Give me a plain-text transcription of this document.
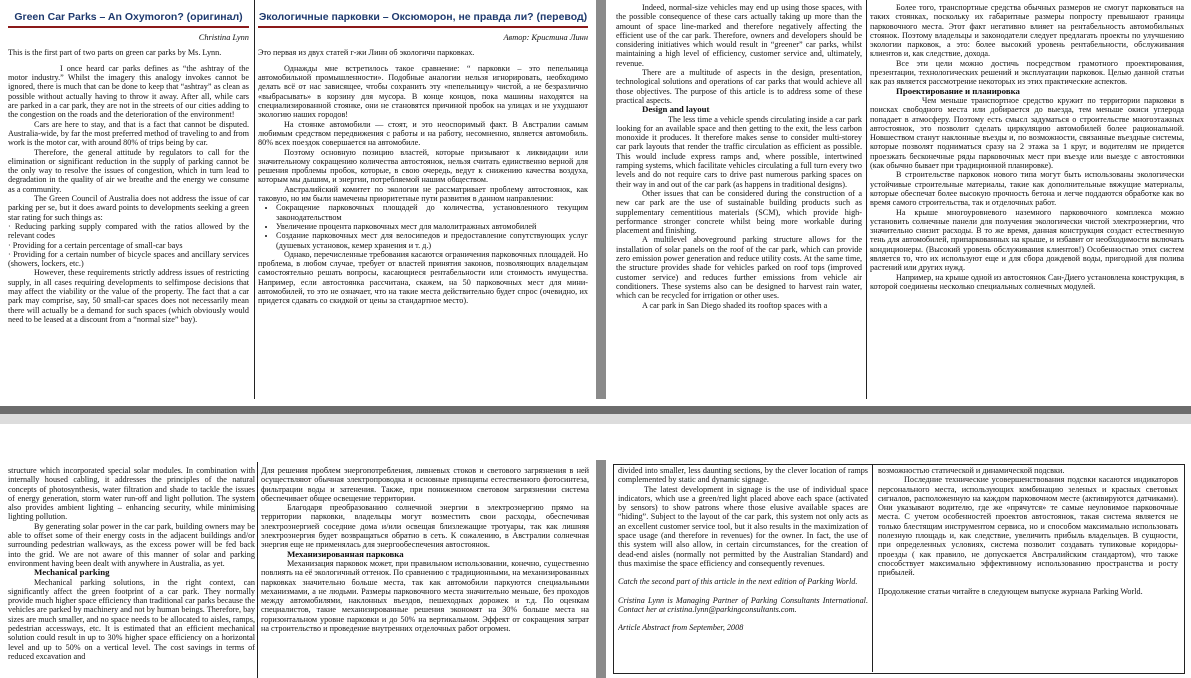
Green Car Parks – An Oxymoron? (оригинал)
Christina Lynn

This is the first part of two parts on green car parks by Ms. Lynn.

I once heard car parks defines as “the ashtray of the motor industry.” Whilst the imagery this analogy invokes cannot be ignored, there is much that can be done to keep that “ashtray” as clean as possible without actually having to throw it away. After all, while cars are parked in a car park, they are not in the streets of our cities adding to the congestion on the roads and the deterioration of the environment!

Cars are here to stay, and that is a fact that cannot be disputed. Australia-wide, by far the most preferred method of traveling to and from work is the motor car, with around 80% of trips being by car.

Therefore, the general attitude by regulators to call for the elimination or significant reduction in the supply of parking cannot be the only way to resolve the issues of congestion, which in turn lead to degradation in the quality of air we breathe and the energy we consume as a community.

The Green Council of Australia does not address the issue of car parking per se, but it does award points to developments seeking a green star rating for such things as:

· Reducing parking supply compared with the ratios allowed by the relevant codes

· Providing for a certain percentage of small-car bays

· Providing for a certain number of bicycle spaces and ancillary services (showers, lockers, etc.)

However, these requirements strictly address issues of restricting supply, in all cases requiring developments to selfimpose decisions that may affect the viability or the value of the property. The fact that a car park may comprise, say, 50 small-car spaces does not necessarily mean there will actually be a demand for such spaces (which obviously would need to be leased at a discount from a “normal size” bay).

Экологичные парковки – Оксюморон, не правда ли? (перевод)
Автор: Кристина Линн

Это первая из двух статей г-жи Линн об экологичн парковках.

Однажды мне встретилось такое сравнение: “ парковки – это пепельница автомобильной промышленности». Подобные аналогии нельзя игнорировать, необходимо делать всё от нас зависящее, чтобы сохранить эту «пепельницу» чистой, а не безразлично «выбрасывать» в корзину для мусора. В конце концов, пока машины находятся на специализированной стоянке, они не становятся причиной пробок на улицах и не ухудшают экологию наших городов!

На стоянке автомобили — стоят, и это неоспоримый факт. В Австралии самым любимым средством передвижения с работы и на работу, несомненно, является автомобиль. 80% всех поездок совершается на автомобиле.

Поэтому основную позицию властей, которые призывают к ликвидации или значительному сокращению количества автостоянок, нельзя считать единственно верной для решения проблемы пробок, которые, в свою очередь, ведут к снижению качества воздуха, которым мы дышим, и энергии, потребляемой нашим обществом.

Австралийский комитет по экологии не рассматривает проблему автостоянок, как таковую, но им были намечены приоритетные пути развития в данном направлении:

• Сокращение парковочных площадей до количества, установленного текущим законодательством
• Увеличение процента парковочных мест для малолитражных автомобилей
• Создание парковочных мест для велосипедов и предоставление сопутствующих услуг (душевых установок, кемер хранения и т. д.)

Однако, перечисленные требования касаются ограничения парковочных площадей. Но проблема, в любом случае, требует от властей принятия законов, позволяющих владельцам самостоятельно решать вопросы, касающиеся рентабельности или стоимость имущества. Например, если автостоянка рассчитана, скажем, на 50 парковочных мест для мини-автомобилей, то это не означает, что на такие места действительно будет спрос (очевидно, их придется сдавать со скидкой от цены за стандартное место).

Indeed, normal-size vehicles may end up using those spaces, with the possible consequence of these cars actually taking up more than the amount of space line-marked and therefore negatively affecting the efficient use of the car park. Therefore, owners and developers should be considering initiatives which would result in “greener” car parks, whilst maintaining a high level of efficiency, customer service and, ultimately, revenue.

There are a multitude of aspects in the design, presentation, technological solutions and operations of car parks that would achieve all those objectives. The purpose of this article is to address some of these practical aspects.

Design and layout

The less time a vehicle spends circulating inside a car park looking for an available space and then getting to the exit, the less carbon monoxide it produces. It therefore makes sense to consider multi-storey car park layouts that render the traffic circulation as efficient as possible. This would include express ramps and, where possible, intertwined ramping systems, which facilitate vehicles circulating a full turn every two levels and do not require cars to drive past numerous parking spaces on their way in and out of the car park (as happens in traditional designs).

Other issues that can be considered during the construction of a new car park are the use of sustainable building products such as supplementary cementitious materials (SCM), which provide high-performance stronger concrete whilst being more workable during placement and finishing.

A multilevel aboveground parking structure allows for the installation of solar panels on the roof of the car park, which can provide zero emission power generation and reduce utility costs. At the same time, the structure provides shade for vehicles parked on roof tops (improved customer service) and reduces further emissions from vehicle air conditioners. These systems also can be designed to harvest rain water, which can be recycled for irrigation or other uses.

A car park in San Diego shaded its rooftop spaces with a

Более того, транспортные средства обычных размеров не смогут парковаться на таких стоянках, поскольку их габаритные размеры попросту превышают границы парковочного места. Этот факт негативно влияет на рентабельность автомобильных стоянок. Поэтому владельцы и законодатели следует предлагать проекты по улучшению экологии парковок, а это: более высокий уровень рентабельности, обслуживания клиентов и, как следствие, дохода.

Все эти цели можно достичь посредством грамотного проектирования, презентации, технологических решений и эксплуатации парковок. Целью данной статьи как раз является рассмотрение некоторых из этих практические аспектов.

Проектирование и планировка

Чем меньше транспортное средство кружит по территории парковки в поисках свободного места или добирается до выезда, тем меньше окиси углерода попадает в атмосферу. Поэтому есть смысл задуматься о строительстве многоэтажных автостоянок, это позволит сделать циркуляцию автомобилей более рациональной. Новшеством станут наклонные въезды и, по возможности, связанные въездные системы, которые позволят подниматься сразу на 2 этажа за 1 круг, и водителям не придется проезжать бесконечные ряды парковочных мест при въезде или выезде с автостоянки (как обычно бывает при традиционной планировке).

В строительстве парковок нового типа могут быть использованы экологически устойчивые строительные материалы, такие как дополнительные вяжущие материалы, которые обеспечат более высокую прочность бетона и легче поддаются обработке как во время самого строительства, так и отделочных работ.

На крыше многоуровневого наземного парковочного комплекса можно установить солнечные панели для получения экологически чистой электроэнергии, что значительно снизит расходы. В то же время, данная конструкция создаст естественную тень для автомобилей, припаркованных на крыше, и избавит от необходимости включать кондиционеры. (Высокий уровень обслуживания клиентов!) Особенностью этих систем является то, что их используют еще и для сбора дождевой воды, пригодной для полива растений или других нужд.

Например, на крыше одной из автостоянок Сан-Диего установлена конструкция, в которой соединены несколько специальных солнечных модулей.

structure which incorporated special solar modules. In combination with internally housed cabling, it addresses the principles of the natural concepts of photosynthesis, water filtration and shade to tackle the issues of energy generation, storm water run-off and light pollution. The system also provides ambient lighting – enhancing security, while minimising lighting pollution.

By generating solar power in the car park, building owners may be able to offset some of their energy costs in the adjacent buildings and/or surrounding pedestrian walkways, as the excess power will be fed back into the grid. We are not aware of this manner of solar and parking environment having been dealt with anywhere in Australia, as yet.

Mechanical parking

Mechanical parking solutions, in the right context, can significantly affect the green footprint of a car park. They normally provide much higher space efficiency than traditional car parks because the vehicles are parked by machinery and not by human beings. Therefore, bay sizes are much smaller, and no space needs to be allocated to aisles, ramps, pedestrian accessways, etc. It is estimated that an efficient mechanical solution could result in up to 30% higher space efficiency on a horizontal level and up to 50% on a vertical level. The cost savings in terms of reduced excavation and

Для решения проблем энергопотребления, ливневых стоков и светового загрязнения в ней осуществляют обычная электропроводка и основные принципы естественного фотосинтеза, фильтрации воды и затенения. Также, при пониженном световом загрязнении система обеспечивает общее освещение территории.

Благодаря преобразованию солнечной энергии в электроэнергию прямо на территории парковки, владельцы могут возместить свои расходы, обеспечивая электроэнергией соседние дома и/или освещая близлежащие тротуары, так как лишняя электроэнергия будет возвращаться обратно в сеть. К сожалению, в Австралии солнечная энергия еще не применялась для энергообеспечения автостоянок.

Механизированная парковка

Механизация парковок может, при правильном использовании, конечно, существенно повлиять на её экологичный оттенок. По сравнению с традиционными, на механизированных парковках значительно больше места, так как автомобили паркуются специальными механизмами, а не людьми. Размеры парковочного места значительно меньше, без проходов между автомобилями, наклонных въездов, пешеходных дорожек и т.д. По оценкам специалистов, такие механизированные решения экономят на 30% больше места на горизонтальном уровне парковки и до 50% на вертикальном. Эффект от сокращения затрат на строительство и проведение внутренних отделочных работ огромен.

divided into smaller, less daunting sections, by the clever location of ramps complemented by static and dynamic signage.

The latest development in signage is the use of individual space indicators, which use a green/red light placed above each space (activated by sensors) to show patrons where those elusive available spaces are “hiding”. Subject to the layout of the car park, this system not only acts as an excellent customer service tool, but it also results in the maximization of space usage (and therefore in revenues) for the owner. In fact, the use of this system will also allow, in certain circumstances, for the creation of dead-end aisles (normally not permitted by the Australian Standard) and thus maximise the space efficiency and consequently revenues.

Catch the second part of this article in the next edition of Parking World.

Cristina Lynn is Managing Partner of Parking Consultants International. Contact her at cristina.lynn@parkingconsultants.com.

Article Abstract from September, 2008

возможностью статической и динамической подсвки.

Последние технические усовершенствования подсвки касаются индикаторов персонального места, использующих комбинацию зеленых и красных световых сигналов, расположенную на каждом парковочном месте (активируются датчиками). Они указывают водителю, где же «прячутся» те самые неуловимое парковочные места. С учетом особенностей проектов автостоянок, такая система является не только блестящим инструментом сервиса, но и способом максимально использовать полезную площадь и, как следствие, увеличить прибыль владельцев. В сущности, при определенных условиях, система позволит создавать тупиковые коридоры-проезды ( как правило, не допускается Австралийским стандартом), что также способствует максимально эффективному использованию пространства и росту прибылей.

Продолжение статьи читайте в следующем выпуске журнала Parking World.
